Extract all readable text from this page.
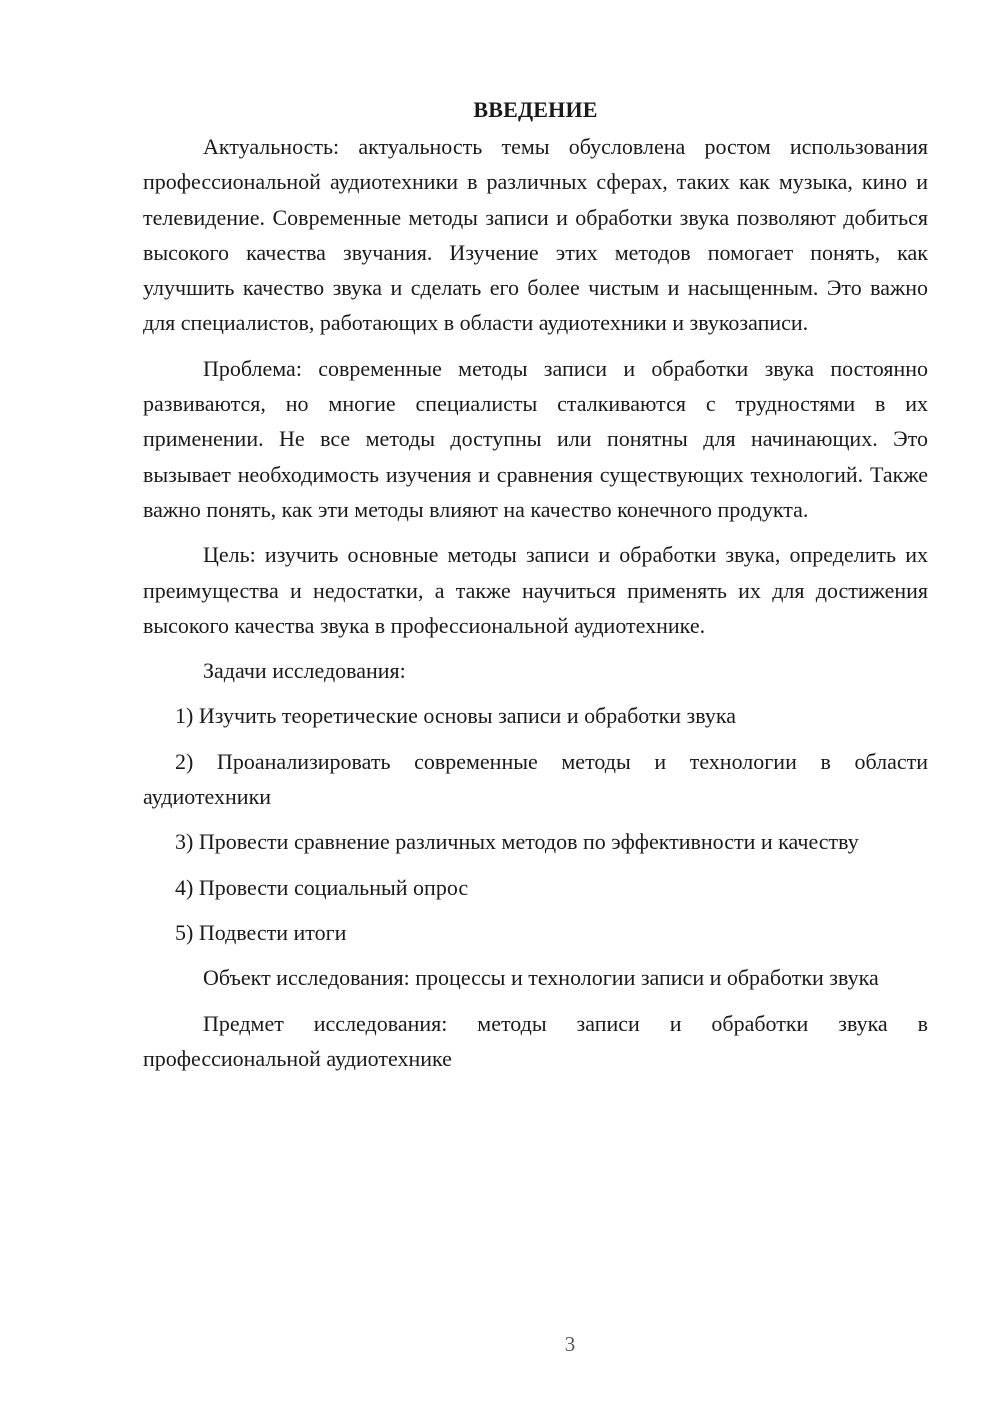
ВВЕДЕНИЕ

Актуальность: актуальность темы обусловлена ростом использования профессиональной аудиотехники в различных сферах, таких как музыка, кино и телевидение. Современные методы записи и обработки звука позволяют добиться высокого качества звучания. Изучение этих методов помогает понять, как улучшить качество звука и сделать его более чистым и насыщенным. Это важно для специалистов, работающих в области аудиотехники и звукозаписи.

Проблема: современные методы записи и обработки звука постоянно развиваются, но многие специалисты сталкиваются с трудностями в их применении. Не все методы доступны или понятны для начинающих. Это вызывает необходимость изучения и сравнения существующих технологий. Также важно понять, как эти методы влияют на качество конечного продукта.

Цель: изучить основные методы записи и обработки звука, определить их преимущества и недостатки, а также научиться применять их для достижения высокого качества звука в профессиональной аудиотехнике.

Задачи исследования:

1) Изучить теоретические основы записи и обработки звука

2) Проанализировать современные методы и технологии в области аудиотехники

3) Провести сравнение различных методов по эффективности и качеству

4) Провести социальный опрос

5) Подвести итоги

Объект исследования: процессы и технологии записи и обработки звука

Предмет исследования: методы записи и обработки звука в профессиональной аудиотехнике

3
